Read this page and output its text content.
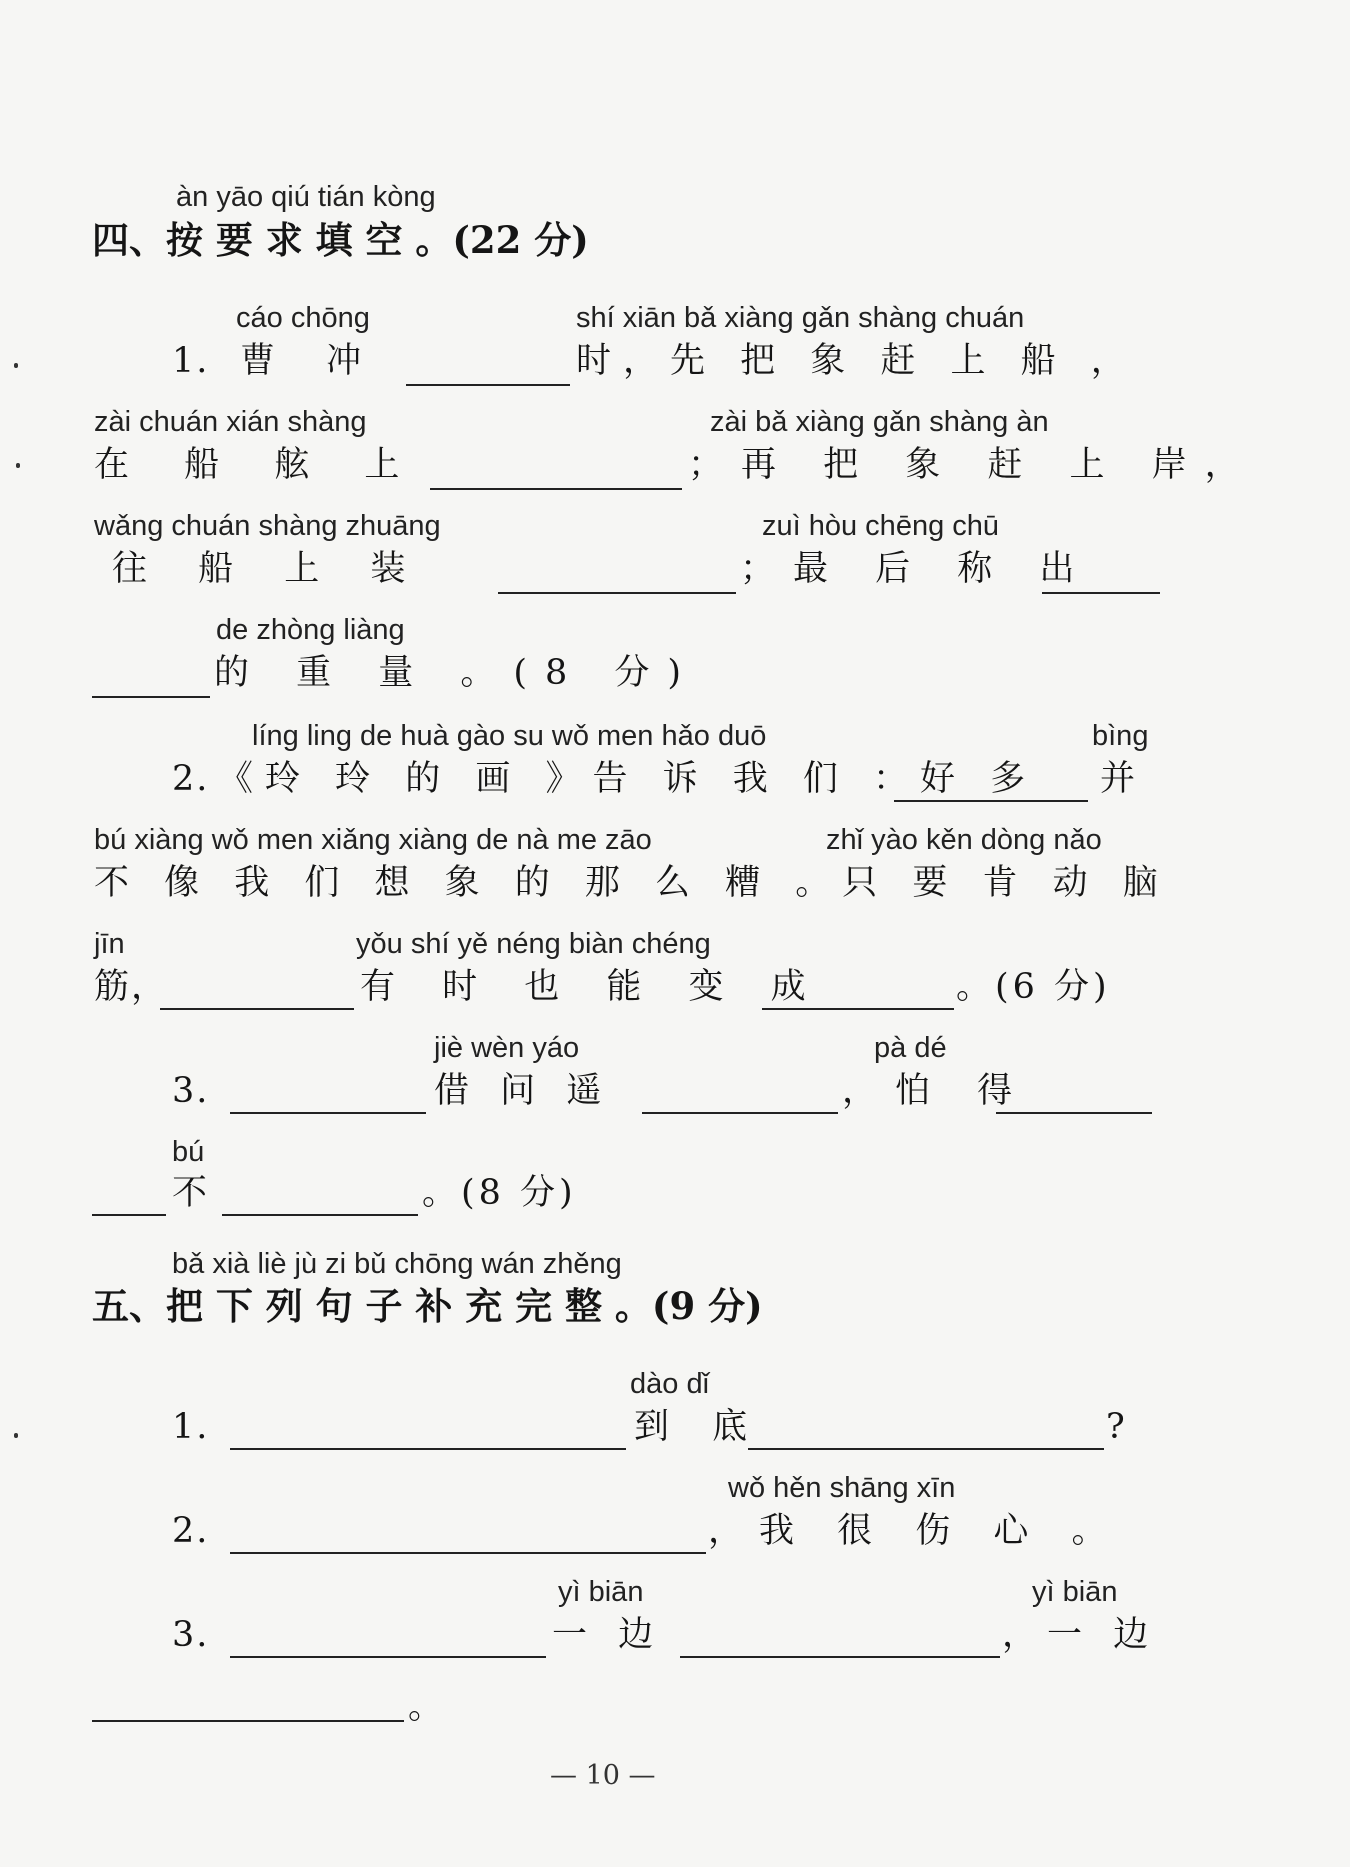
àn yāo qiú tián kòng
四、按 要 求 填 空 。(22 分)
cáo chōng	shí xiān bǎ xiàng gǎn shàng chuán
1. 曹 冲	时，先 把 象 赶 上 船 ，
zài chuán xián shàng	zài bǎ xiàng gǎn shàng àn
在 船 舷 上	；再 把 象 赶 上 岸，
wǎng chuán shàng zhuāng	zuì hòu chēng chū
往 船 上 装	；最 后 称 出
de zhòng liàng
的 重 量 。(8 分)
líng ling de huà gào su wǒ men hǎo duō	bìng
2. 《玲 玲 的 画 》告 诉 我 们 ：好 多 并
bú xiàng wǒ men xiǎng xiàng de nà me zāo	zhǐ yào kěn dòng nǎo
不 像 我 们 想 象 的 那 么 糟 。只 要 肯 动 脑
jīn	yǒu shí yě néng biàn chéng
筋，	有 时 也 能 变 成	。(6 分)
jiè wèn yáo	pà dé
3.	借 问 遥	，怕 得
bú
不	。(8 分)
bǎ xià liè jù zi bǔ chōng wán zhěng
五、把 下 列 句 子 补 充 完 整 。(9 分)
dào dǐ
1.	到 底	?
wǒ hěn shāng xīn
2.	，我 很 伤 心 。
yì biān	yì biān
3.	一 边	，一 边
。
— 10 —
